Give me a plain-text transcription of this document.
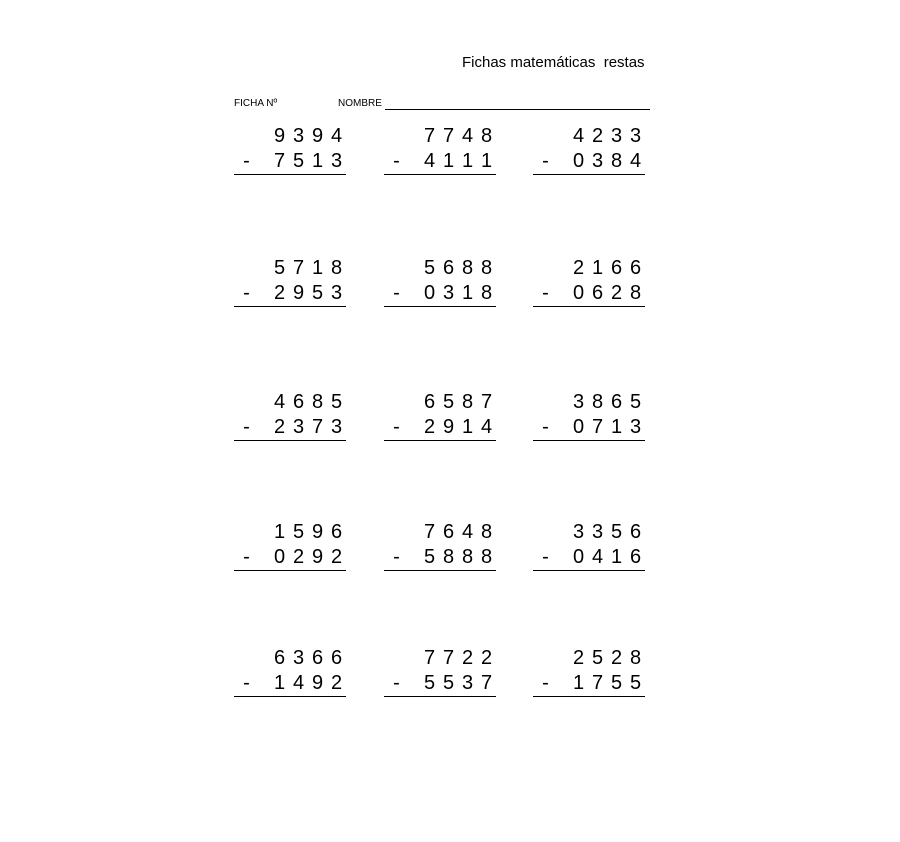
Fichas matemáticas  restas
FICHA Nº	NOMBRE
9 3 9 4
-	7 5 1 3
7 7 4 8
-	4 1 1 1
4 2 3 3
-	0 3 8 4
5 7 1 8
-	2 9 5 3
5 6 8 8
-	0 3 1 8
2 1 6 6
-	0 6 2 8
4 6 8 5
-	2 3 7 3
6 5 8 7
-	2 9 1 4
3 8 6 5
-	0 7 1 3
1 5 9 6
-	0 2 9 2
7 6 4 8
-	5 8 8 8
3 3 5 6
-	0 4 1 6
6 3 6 6
-	1 4 9 2
7 7 2 2
-	5 5 3 7
2 5 2 8
-	1 7 5 5
